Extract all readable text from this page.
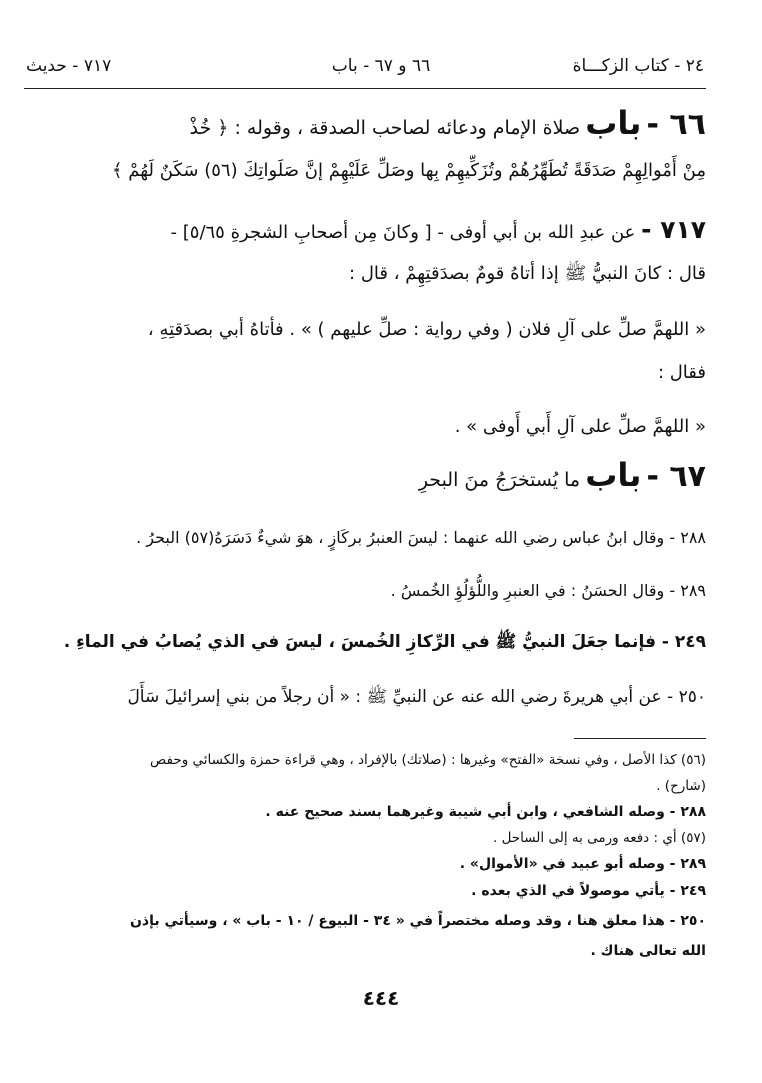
٢٤ - كتاب الزكـــاة
٦٦ و ٦٧ - باب
٧١٧ - حديث
٦٦ - باب صلاة الإمام ودعائه لصاحب الصدقة ، وقوله : ﴿ خُذْ
مِنْ أَمْوالِهِمْ صَدَقَةً تُطَهِّرُهُمْ وتُزَكِّيهِمْ بِها وصَلِّ عَلَيْهِمْ إنَّ صَلَواتِكَ (٥٦) سَكَنٌ لَهُمْ ﴾
٧١٧ - عن عبدِ الله بن أبي أوفى - [ وكانَ مِن أصحابِ الشجرةِ ٥/٦٥] -
قال : كانَ النبيُّ ﷺ إذا أتاهُ قومٌ بصدَقتِهِمْ ، قال :
« اللهمَّ صلِّ على آلِ فلان ( وفي رواية : صلِّ عليهم ) » . فأتاهُ أبي بصدَقتِهِ ،
فقال :
« اللهمَّ صلِّ على آلِ أَبي أَوفى » .
٦٧ - باب ما يُستخرَجُ منَ البحرِ
٢٨٨ - وقال ابنُ عباس رضي الله عنهما : ليسَ العنبرُ بركَازٍ ، هوَ شيءٌ دَسَرَهُ(٥٧) البحرُ .
٢٨٩ - وقال الحسَنُ : في العنبرِ واللُّؤلُؤِ الخُمسُ .
٢٤٩ - فإنما جعَلَ النبيُّ ﷺ في الرِّكازِ الخُمسَ ، ليسَ في الذي يُصابُ في الماءِ .
٢٥٠ - عن أبي هريرةَ رضي الله عنه عن النبيِّ ﷺ : « أن رجلاً من بني إسرائيلَ سَأَلَ
(٥٦) كذا الأصل ، وفي نسخة «الفتح» وغيرها : (صلاتك) بالإفراد ، وهي قراءة حمزة والكسائي وحفص
(شارح) .
٢٨٨ - وصله الشافعي ، وابن أبي شيبة وغيرهما بسند صحيح عنه .
(٥٧) أي : دفعه ورمى به إلى الساحل .
٢٨٩ - وصله أبو عبيد في «الأموال» .
٢٤٩ - يأتي موصولاً في الذي بعده .
٢٥٠ - هذا معلق هنا ، وقد وصله مختصراً في « ٣٤ - البيوع / ١٠ - باب » ، وسيأتي بإذن
الله تعالى هناك .
٤٤٤
